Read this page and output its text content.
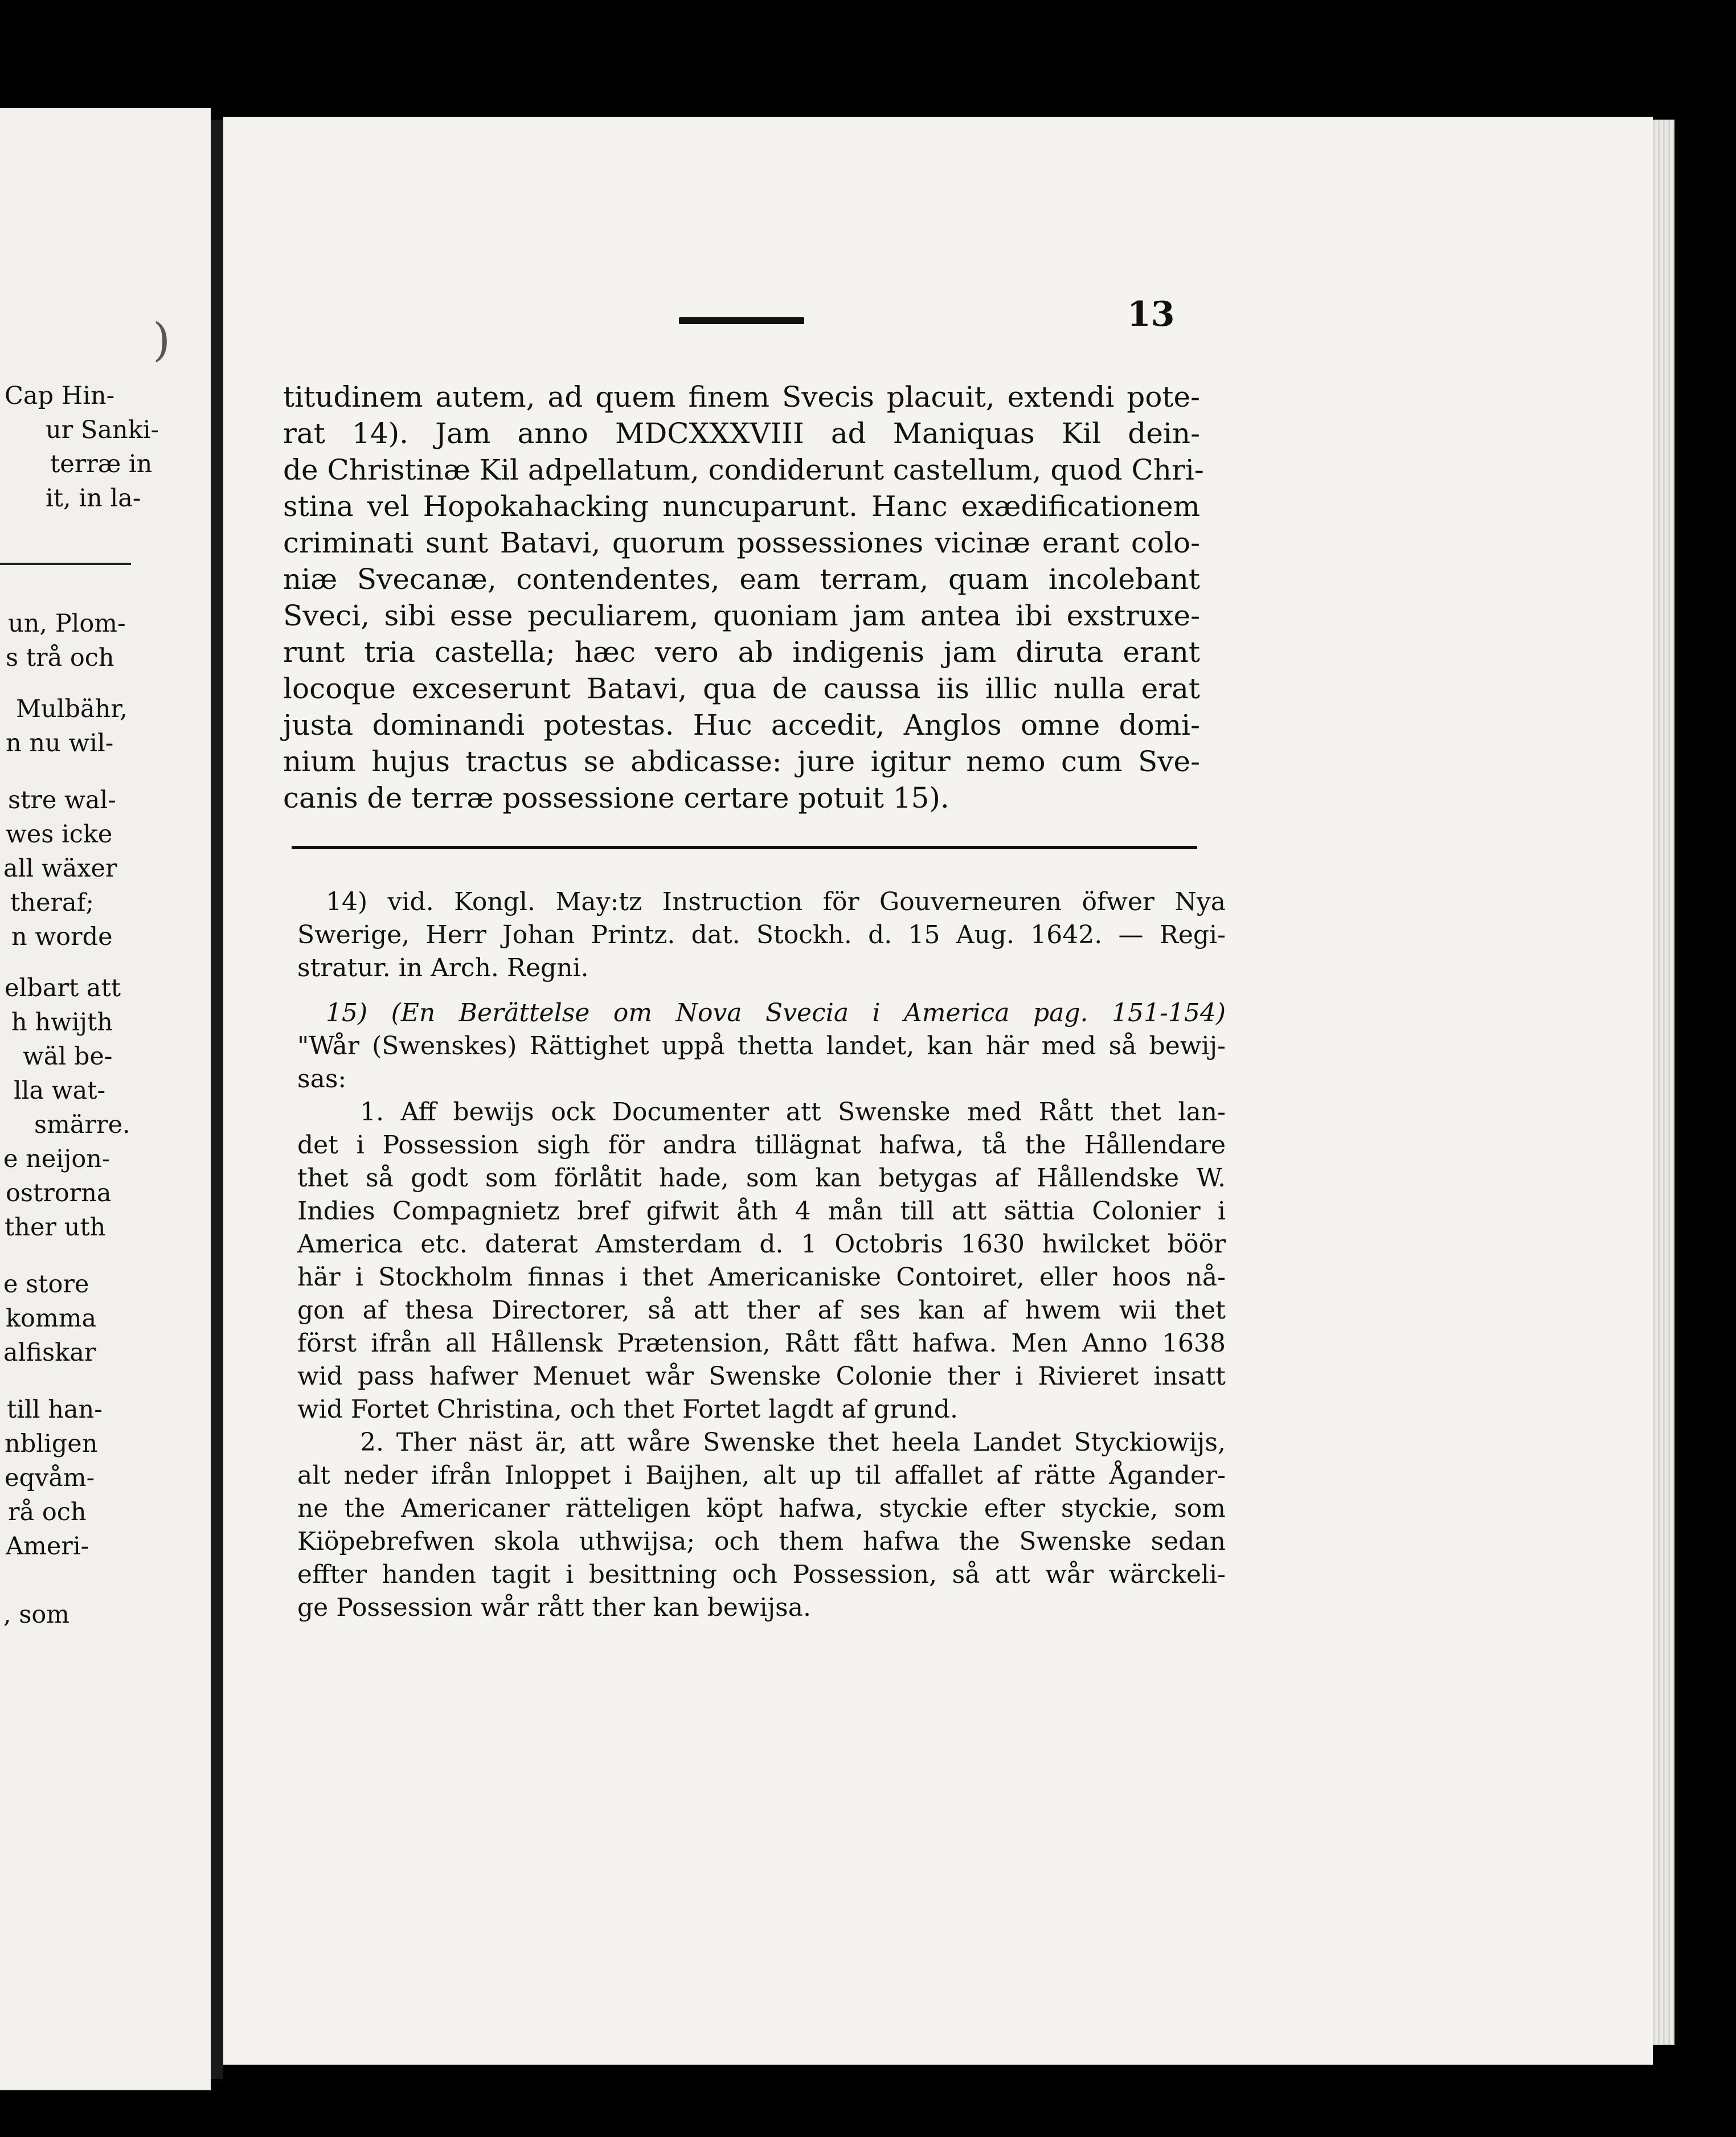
)
Cap Hin-
ur Sanki-
terræ in
it, in la-
un, Plom-
s trå och
Mulbähr,
n nu wil-
stre wal-
wes icke
all wäxer
theraf;
n worde
elbart att
h hwijth
wäl be-
lla wat-
smärre.
e neijon-
ostrorna
ther uth
e store
komma
alfiskar
till han-
nbligen
eqvåm-
rå och
Ameri-
, som
13
titudinem autem, ad quem finem Svecis placuit, extendi pote-
rat 14). Jam anno MDCXXXVIII ad Maniquas Kil dein-
de Christinæ Kil adpellatum, condiderunt castellum, quod Chri-
stina vel Hopokahacking nuncuparunt. Hanc exædificationem
criminati sunt Batavi, quorum possessiones vicinæ erant colo-
niæ Svecanæ, contendentes, eam terram, quam incolebant
Sveci, sibi esse peculiarem, quoniam jam antea ibi exstruxe-
runt tria castella; hæc vero ab indigenis jam diruta erant
locoque exceserunt Batavi, qua de caussa iis illic nulla erat
justa dominandi potestas. Huc accedit, Anglos omne domi-
nium hujus tractus se abdicasse: jure igitur nemo cum Sve-
canis de terræ possessione certare potuit 15).
14) vid. Kongl. May:tz Instruction för Gouverneuren öfwer Nya
Swerige, Herr Johan Printz. dat. Stockh. d. 15 Aug. 1642. — Regi-
stratur. in Arch. Regni.
15) (En Berättelse om Nova Svecia i America pag. 151-154)
"Wår (Swenskes) Rättighet uppå thetta landet, kan här med så bewij-
sas:
1. Aff bewijs ock Documenter att Swenske med Rått thet lan-
det i Possession sigh för andra tillägnat hafwa, tå the Hållendare
thet så godt som förlåtit hade, som kan betygas af Hållendske W.
Indies Compagnietz bref gifwit åth 4 mån till att sättia Colonier i
America etc. daterat Amsterdam d. 1 Octobris 1630 hwilcket böör
här i Stockholm finnas i thet Americaniske Contoiret, eller hoos nå-
gon af thesa Directorer, så att ther af ses kan af hwem wii thet
först ifrån all Hållensk Prætension, Rått fått hafwa. Men Anno 1638
wid pass hafwer Menuet wår Swenske Colonie ther i Rivieret insatt
wid Fortet Christina, och thet Fortet lagdt af grund.
2. Ther näst är, att wåre Swenske thet heela Landet Styckiowijs,
alt neder ifrån Inloppet i Baijhen, alt up til affallet af rätte Ågander-
ne the Americaner rätteligen köpt hafwa, styckie efter styckie, som
Kiöpebrefwen skola uthwijsa; och them hafwa the Swenske sedan
effter handen tagit i besittning och Possession, så att wår wärckeli-
ge Possession wår rått ther kan bewijsa.
